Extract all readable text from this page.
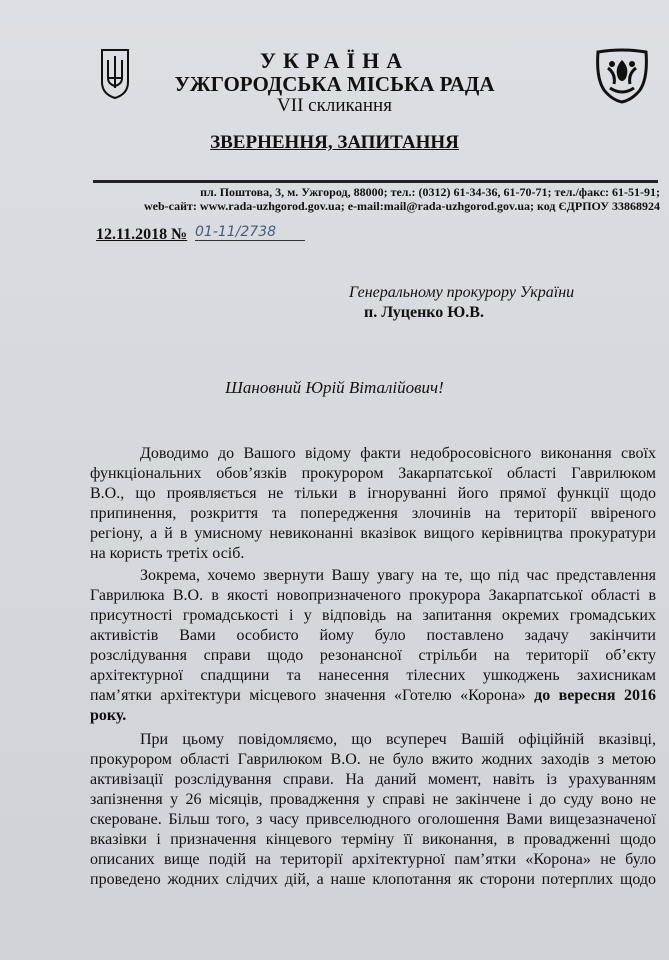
УКРАЇНА
УЖГОРОДСЬКА МІСЬКА РАДА
VII скликання
ЗВЕРНЕННЯ, ЗАПИТАННЯ
пл. Поштова, 3, м. Ужгород, 88000; тел.: (0312) 61-34-36, 61-70-71; тел./факс: 61-51-91;
web-сайт: www.rada-uzhgorod.gov.ua; e-mail:mail@rada-uzhgorod.gov.ua; код ЄДРПОУ 33868924
12.11.2018 № 01-11/2738
Генеральному прокурору України
п. Луценко Ю.В.
Шановний Юрій Віталійович!
Доводимо до Вашого відому факти недобросовісного виконання своїх
функціональних обов’язків прокурором Закарпатської області Гаврилюком
В.О., що проявляється не тільки в ігноруванні його прямої функції щодо
припинення, розкриття та попередження злочинів на території ввіреного
регіону, а й в умисному невиконанні вказівок вищого керівництва прокуратури
на користь третіх осіб.
Зокрема, хочемо звернути Вашу увагу на те, що під час представлення
Гаврилюка В.О. в якості новопризначеного прокурора Закарпатської області в
присутності громадськості і у відповідь на запитання окремих громадських
активістів Вами особисто йому було поставлено задачу закінчити
розслідування справи щодо резонансної стрільби на території об’єкту
архітектурної спадщини та нанесення тілесних ушкоджень захисникам
пам’ятки архітектури місцевого значення «Готелю «Корона» до вересня 2016
року.
При цьому повідомляємо, що всупереч Вашій офіційній вказівці,
прокурором області Гаврилюком В.О. не було вжито жодних заходів з метою
активізації розслідування справи. На даний момент, навіть із урахуванням
запізнення у 26 місяців, провадження у справі не закінчене і до суду воно не
скероване. Більш того, з часу привселюдного оголошення Вами вищезазначеної
вказівки і призначення кінцевого терміну її виконання, в провадженні щодо
описаних вище подій на території архітектурної пам’ятки «Корона» не було
проведено жодних слідчих дій, а наше клопотання як сторони потерплих щодо
